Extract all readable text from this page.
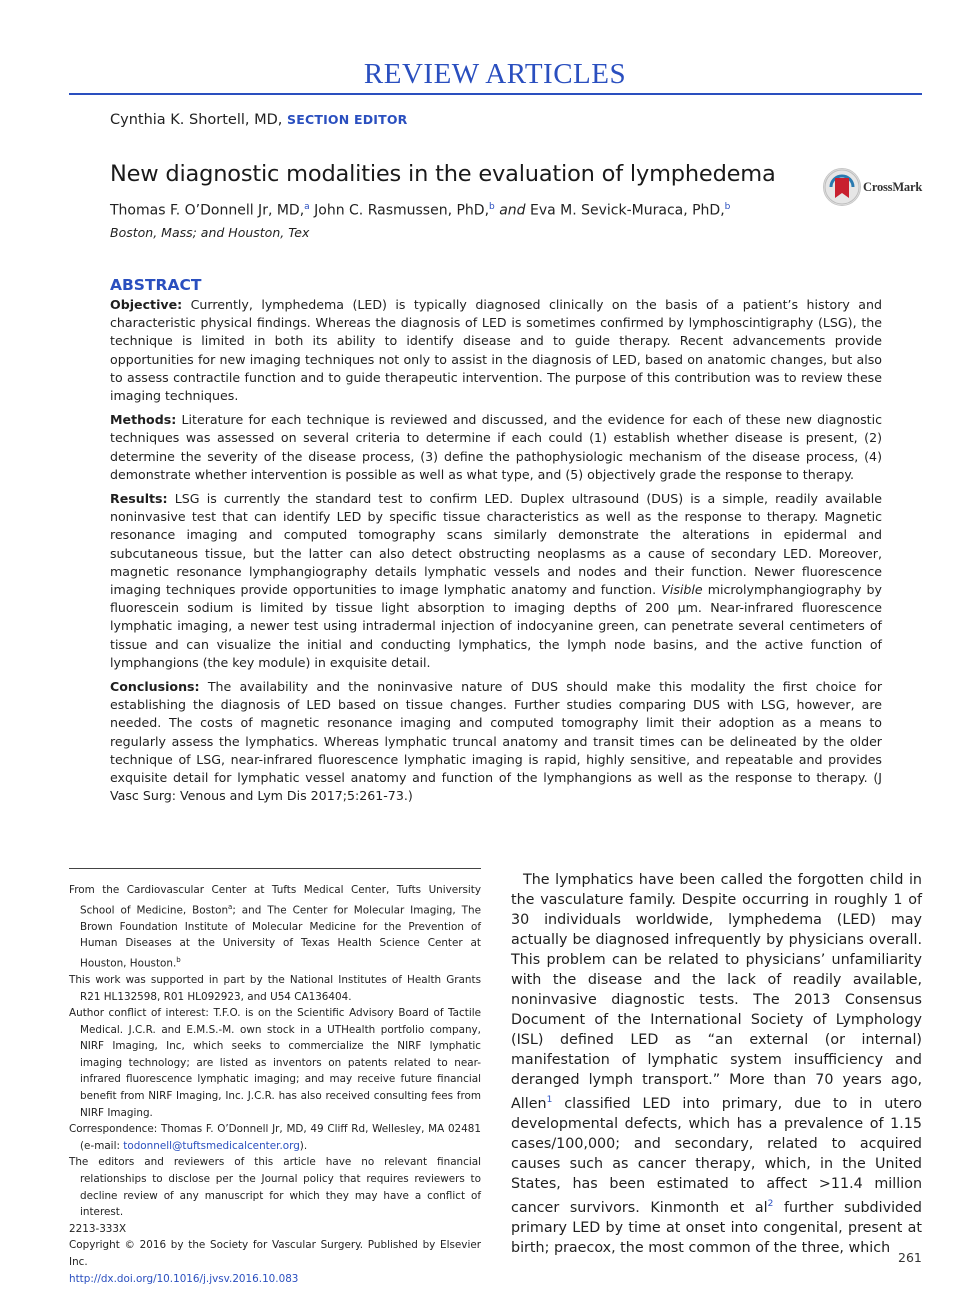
REVIEW ARTICLES
Cynthia K. Shortell, MD, SECTION EDITOR
New diagnostic modalities in the evaluation of lymphedema	CrossMark
Thomas F. O’Donnell Jr, MD,$^a$ John C. Rasmussen, PhD,$^b$ and Eva M. Sevick-Muraca, PhD,$^b$
Boston, Mass; and Houston, Tex
ABSTRACT

Objective: Currently, lymphedema (LED) is typically diagnosed clinically on the basis of a patient’s history and characteristic physical findings. Whereas the diagnosis of LED is sometimes confirmed by lymphoscintigraphy (LSG), the technique is limited in both its ability to identify disease and to guide therapy. Recent advancements provide opportunities for new imaging techniques not only to assist in the diagnosis of LED, based on anatomic changes, but also to assess contractile function and to guide therapeutic intervention. The purpose of this contribution was to review these imaging techniques.

Methods: Literature for each technique is reviewed and discussed, and the evidence for each of these new diagnostic techniques was assessed on several criteria to determine if each could (1) establish whether disease is present, (2) determine the severity of the disease process, (3) define the pathophysiologic mechanism of the disease process, (4) demonstrate whether intervention is possible as well as what type, and (5) objectively grade the response to therapy.

Results: LSG is currently the standard test to confirm LED. Duplex ultrasound (DUS) is a simple, readily available noninvasive test that can identify LED by specific tissue characteristics as well as the response to therapy. Magnetic resonance imaging and computed tomography scans similarly demonstrate the alterations in epidermal and subcutaneous tissue, but the latter can also detect obstructing neoplasms as a cause of secondary LED. Moreover, magnetic resonance lymphangiography details lymphatic vessels and nodes and their function. Newer fluorescence imaging techniques provide opportunities to image lymphatic anatomy and function. Visible microlymphangiography by fluorescein sodium is limited by tissue light absorption to imaging depths of 200 μm. Near-infrared fluorescence lymphatic imaging, a newer test using intradermal injection of indocyanine green, can penetrate several centimeters of tissue and can visualize the initial and conducting lymphatics, the lymph node basins, and the active function of lymphangions (the key module) in exquisite detail.

Conclusions: The availability and the noninvasive nature of DUS should make this modality the first choice for establishing the diagnosis of LED based on tissue changes. Further studies comparing DUS with LSG, however, are needed. The costs of magnetic resonance imaging and computed tomography limit their adoption as a means to regularly assess the lymphatics. Whereas lymphatic truncal anatomy and transit times can be delineated by the older technique of LSG, near-infrared fluorescence lymphatic imaging is rapid, highly sensitive, and repeatable and provides exquisite detail for lymphatic vessel anatomy and function of the lymphangions as well as the response to therapy. (J Vasc Surg: Venous and Lym Dis 2017;5:261-73.)

From the Cardiovascular Center at Tufts Medical Center, Tufts University School of Medicine, Boston$^a$; and The Center for Molecular Imaging, The Brown Foundation Institute of Molecular Medicine for the Prevention of Human Diseases at the University of Texas Health Science Center at Houston, Houston.$^b$

This work was supported in part by the National Institutes of Health Grants R21 HL132598, R01 HL092923, and U54 CA136404.

Author conflict of interest: T.F.O. is on the Scientific Advisory Board of Tactile Medical. J.C.R. and E.M.S.-M. own stock in a UTHealth portfolio company, NIRF Imaging, Inc, which seeks to commercialize the NIRF lymphatic imaging technology; are listed as inventors on patents related to near-infrared fluorescence lymphatic imaging; and may receive future financial benefit from NIRF Imaging, Inc. J.C.R. has also received consulting fees from NIRF Imaging.

Correspondence: Thomas F. O’Donnell Jr, MD, 49 Cliff Rd, Wellesley, MA 02481 (e-mail: todonnell@tuftsmedicalcenter.org).

The editors and reviewers of this article have no relevant financial relationships to disclose per the Journal policy that requires reviewers to decline review of any manuscript for which they may have a conflict of interest.

2213-333X

Copyright © 2016 by the Society for Vascular Surgery. Published by Elsevier Inc.

http://dx.doi.org/10.1016/j.jvsv.2016.10.083

The lymphatics have been called the forgotten child in the vasculature family. Despite occurring in roughly 1 of 30 individuals worldwide, lymphedema (LED) may actually be diagnosed infrequently by physicians overall. This problem can be related to physicians’ unfamiliarity with the disease and the lack of readily available, noninvasive diagnostic tests. The 2013 Consensus Document of the International Society of Lymphology (ISL) defined LED as “an external (or internal) manifestation of lymphatic system insufficiency and deranged lymph transport.” More than 70 years ago, Allen$^1$ classified LED into primary, due to in utero developmental defects, which has a prevalence of 1.15 cases/100,000; and secondary, related to acquired causes such as cancer therapy, which, in the United States, has been estimated to affect >11.4 million cancer survivors. Kinmonth et $al^2$ further subdivided primary LED by time at onset into congenital, present at birth; praecox, the most common of the three, which

261
